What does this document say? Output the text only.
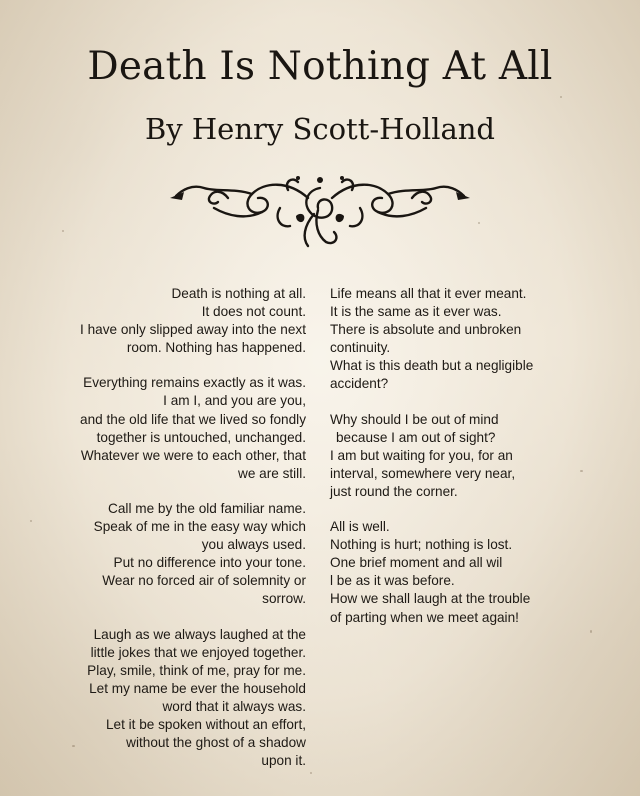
Death Is Nothing At All
By Henry Scott-Holland
Death is nothing at all.
It does not count.
I have only slipped away into the next
room. Nothing has happened.
Everything remains exactly as it was.
I am I, and you are you,
and the old life that we lived so fondly
together is untouched, unchanged.
Whatever we were to each other, that
we are still.
Call me by the old familiar name.
Speak of me in the easy way which
you always used.
Put no difference into your tone.
Wear no forced air of solemnity or
sorrow.
Laugh as we always laughed at the
little jokes that we enjoyed together.
Play, smile, think of me, pray for me.
Let my name be ever the household
word that it always was.
Let it be spoken without an effort,
without the ghost of a shadow
upon it.
Life means all that it ever meant.
It is the same as it ever was.
There is absolute and unbroken
continuity.
What is this death but a negligible
accident?
Why should I be out of mind
because I am out of sight?
I am but waiting for you, for an
interval, somewhere very near,
just round the corner.
All is well.
Nothing is hurt; nothing is lost.
One brief moment and all wil
l be as it was before.
How we shall laugh at the trouble
of parting when we meet again!
